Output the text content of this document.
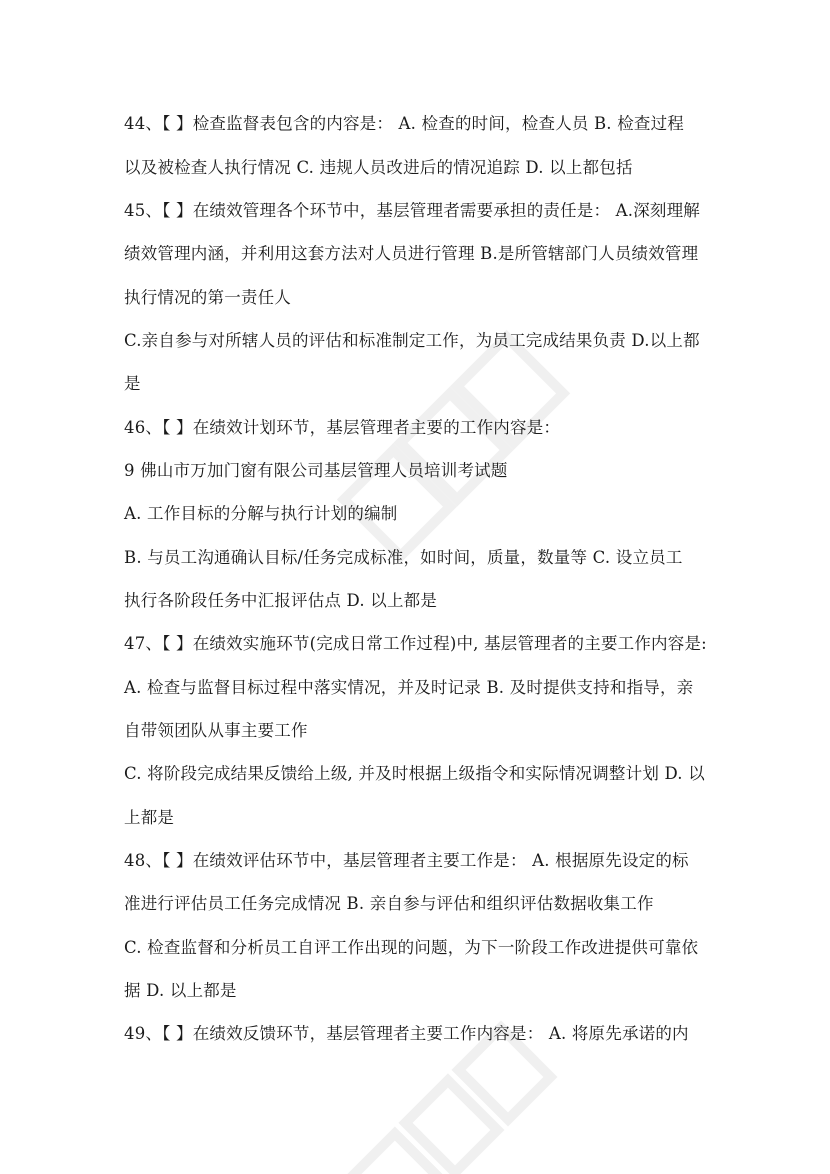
44、【 】检查监督表包含的内容是： A. 检查的时间，检查人员 B. 检查过程
以及被检查人执行情况 C. 违规人员改进后的情况追踪 D. 以上都包括
45、【 】在绩效管理各个环节中，基层管理者需要承担的责任是： A.深刻理解
绩效管理内涵，并利用这套方法对人员进行管理 B.是所管辖部门人员绩效管理
执行情况的第一责任人
C.亲自参与对所辖人员的评估和标准制定工作，为员工完成结果负责 D.以上都
是
46、【 】在绩效计划环节，基层管理者主要的工作内容是：
9 佛山市万加门窗有限公司基层管理人员培训考试题
A. 工作目标的分解与执行计划的编制
B. 与员工沟通确认目标/任务完成标准，如时间，质量，数量等 C. 设立员工
执行各阶段任务中汇报评估点 D. 以上都是
47、【 】在绩效实施环节(完成日常工作过程)中, 基层管理者的主要工作内容是:
A. 检查与监督目标过程中落实情况，并及时记录 B. 及时提供支持和指导，亲
自带领团队从事主要工作
C. 将阶段完成结果反馈给上级, 并及时根据上级指令和实际情况调整计划 D. 以
上都是
48、【 】在绩效评估环节中，基层管理者主要工作是： A. 根据原先设定的标
准进行评估员工任务完成情况 B. 亲自参与评估和组织评估数据收集工作
C. 检查监督和分析员工自评工作出现的问题，为下一阶段工作改进提供可靠依
据 D. 以上都是
49、【 】在绩效反馈环节，基层管理者主要工作内容是： A. 将原先承诺的内
